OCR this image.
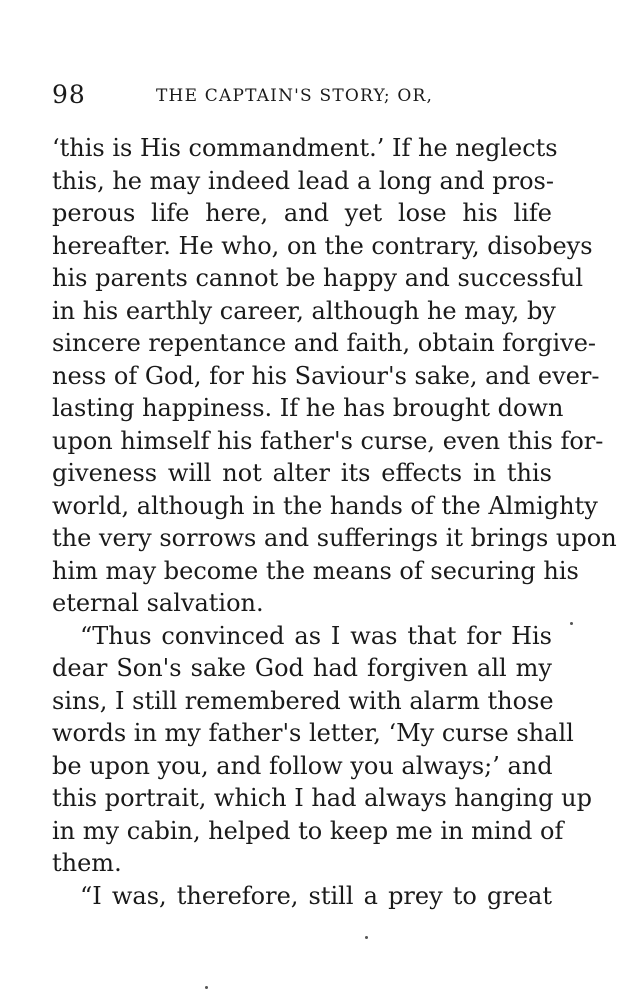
98	THE CAPTAIN'S STORY; OR,
‘this is His commandment.’ If he neglects
this, he may indeed lead a long and pros-
perous life here, and yet lose his life
hereafter. He who, on the contrary, disobeys
his parents cannot be happy and successful
in his earthly career, although he may, by
sincere repentance and faith, obtain forgive-
ness of God, for his Saviour's sake, and ever-
lasting happiness. If he has brought down
upon himself his father's curse, even this for-
giveness will not alter its effects in this
world, although in the hands of the Almighty
the very sorrows and sufferings it brings upon
him may become the means of securing his
eternal salvation.
“Thus convinced as I was that for His
dear Son's sake God had forgiven all my
sins, I still remembered with alarm those
words in my father's letter, ‘My curse shall
be upon you, and follow you always;’ and
this portrait, which I had always hanging up
in my cabin, helped to keep me in mind of
them.
“I was, therefore, still a prey to great
